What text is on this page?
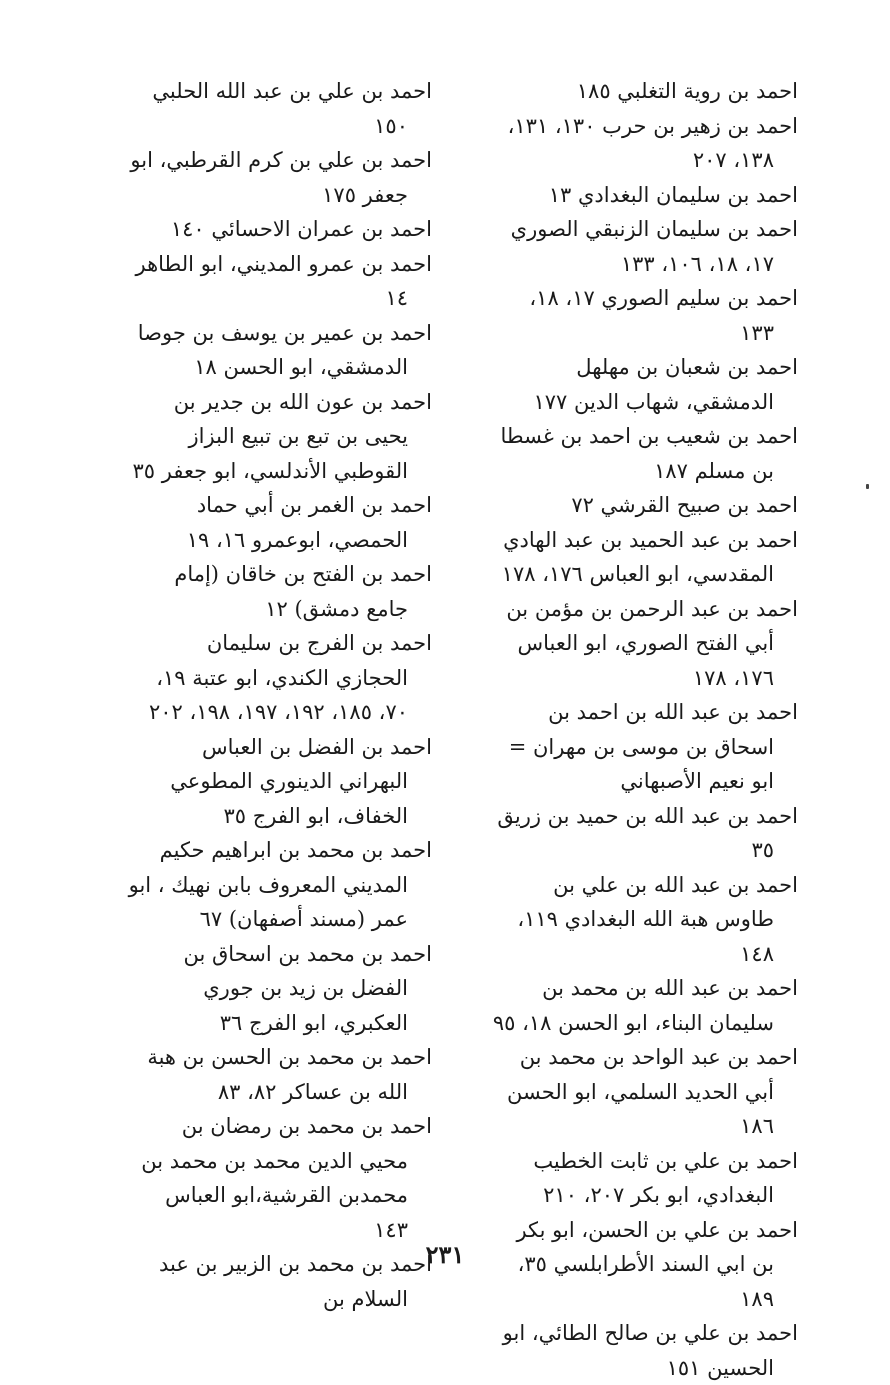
احمد بن روية التغلبي ١٨٥

احمد بن زهير بن حرب ١٣٠، ١٣١، ١٣٨، ٢٠٧

احمد بن سليمان البغدادي ١٣

احمد بن سليمان الزنبقي الصوري ١٧، ١٨، ١٠٦، ١٣٣

احمد بن سليم الصوري ١٧، ١٨، ١٣٣

احمد بن شعبان بن مهلهل الدمشقي، شهاب الدين ١٧٧

احمد بن شعيب بن احمد بن غسطا بن مسلم ١٨٧

احمد بن صبيح القرشي ٧٢

احمد بن عبد الحميد بن عبد الهادي المقدسي، ابو العباس ١٧٦، ١٧٨

احمد بن عبد الرحمن بن مؤمن بن أبي الفتح الصوري، ابو العباس ١٧٦، ١٧٨

احمد بن عبد الله بن احمد بن اسحاق بن موسى بن مهران = ابو نعيم الأصبهاني

احمد بن عبد الله بن حميد بن زريق ٣٥

احمد بن عبد الله بن علي بن طاوس هبة الله البغدادي ١١٩، ١٤٨

احمد بن عبد الله بن محمد بن سليمان البناء، ابو الحسن ١٨، ٩٥

احمد بن عبد الواحد بن محمد بن أبي الحديد السلمي، ابو الحسن ١٨٦

احمد بن علي بن ثابت الخطيب البغدادي، ابو بكر ٢٠٧، ٢١٠

احمد بن علي بن الحسن، ابو بكر بن ابي السند الأطرابلسي ٣٥، ١٨٩

احمد بن علي بن صالح الطائي، ابو الحسين ١٥١

احمد بن علي بن عبد الله الحلبي ١٥٠

احمد بن علي بن كرم القرطبي، ابو جعفر ١٧٥

احمد بن عمران الاحسائي ١٤٠

احمد بن عمرو المديني، ابو الطاهر ١٤

احمد بن عمير بن يوسف بن جوصا الدمشقي، ابو الحسن ١٨

احمد بن عون الله بن جدير بن يحيى بن تبع بن تبيع البزاز القوطبي الأندلسي، ابو جعفر ٣٥

احمد بن الغمر بن أبي حماد الحمصي، ابوعمرو ١٦، ١٩

احمد بن الفتح بن خاقان (إمام جامع دمشق) ١٢

احمد بن الفرج بن سليمان الحجازي الكندي، ابو عتبة ١٩، ٧٠، ١٨٥، ١٩٢، ١٩٧، ١٩٨، ٢٠٢

احمد بن الفضل بن العباس البهراني الدينوري المطوعي الخفاف، ابو الفرج ٣٥

احمد بن محمد بن ابراهيم حكيم المديني المعروف بابن نهيك ، ابو عمر (مسند أصفهان) ٦٧

احمد بن محمد بن اسحاق بن الفضل بن زيد بن جوري العكبري، ابو الفرج ٣٦

احمد بن محمد بن الحسن بن هبة الله بن عساكر ٨٢، ٨٣

احمد بن محمد بن رمضان بن محيي الدين محمد بن محمد بن محمدبن القرشية،ابو العباس ١٤٣

احمد بن محمد بن الزبير بن عبد السلام بن

٢٣١
